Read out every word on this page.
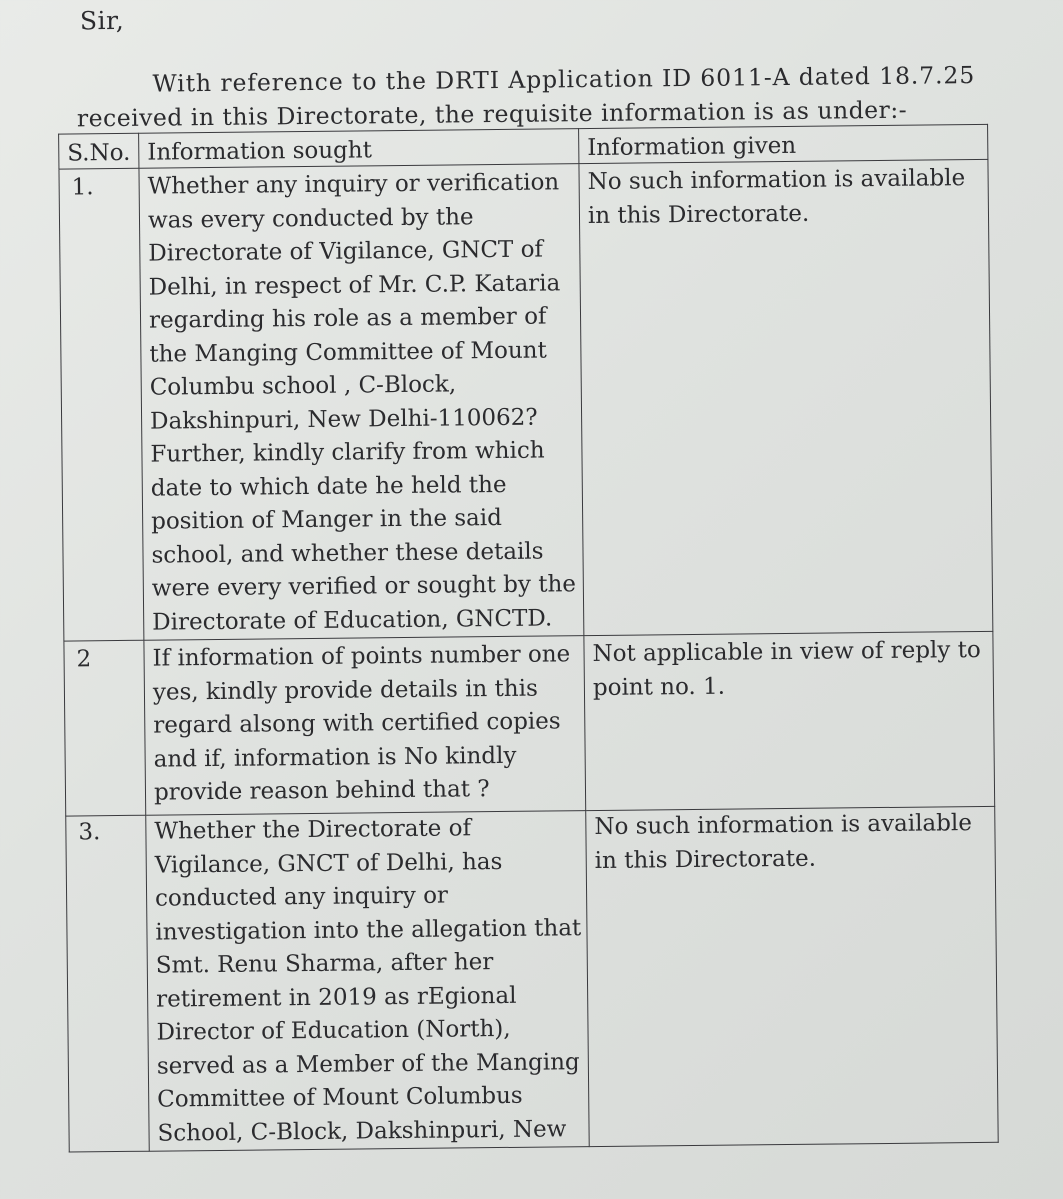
Sir,
With reference to the DRTI Application ID 6011-A dated 18.7.25
received in this Directorate, the requisite information is as under:-
S.No.	Information sought	Information given
1.	Whether any inquiry or verification was every conducted by the Directorate of Vigilance, GNCT of Delhi, in respect of Mr. C.P. Kataria regarding his role as a member of the Manging Committee of Mount Columbu school , C-Block, Dakshinpuri, New Delhi-110062? Further, kindly clarify from which date to which date he held the position of Manger in the said school, and whether these details were every verified or sought by the Directorate of Education, GNCTD.	No such information is available in this Directorate.
2	If information of points number one yes, kindly provide details in this regard alsong with certified copies and if, information is No kindly provide reason behind that ?	Not applicable in view of reply to point no. 1.
3.	Whether the Directorate of Vigilance, GNCT of Delhi, has conducted any inquiry or investigation into the allegation that Smt. Renu Sharma, after her retirement in 2019 as rEgional Director of Education (North), served as a Member of the Manging Committee of Mount Columbus School, C-Block, Dakshinpuri, New	No such information is available in this Directorate.
